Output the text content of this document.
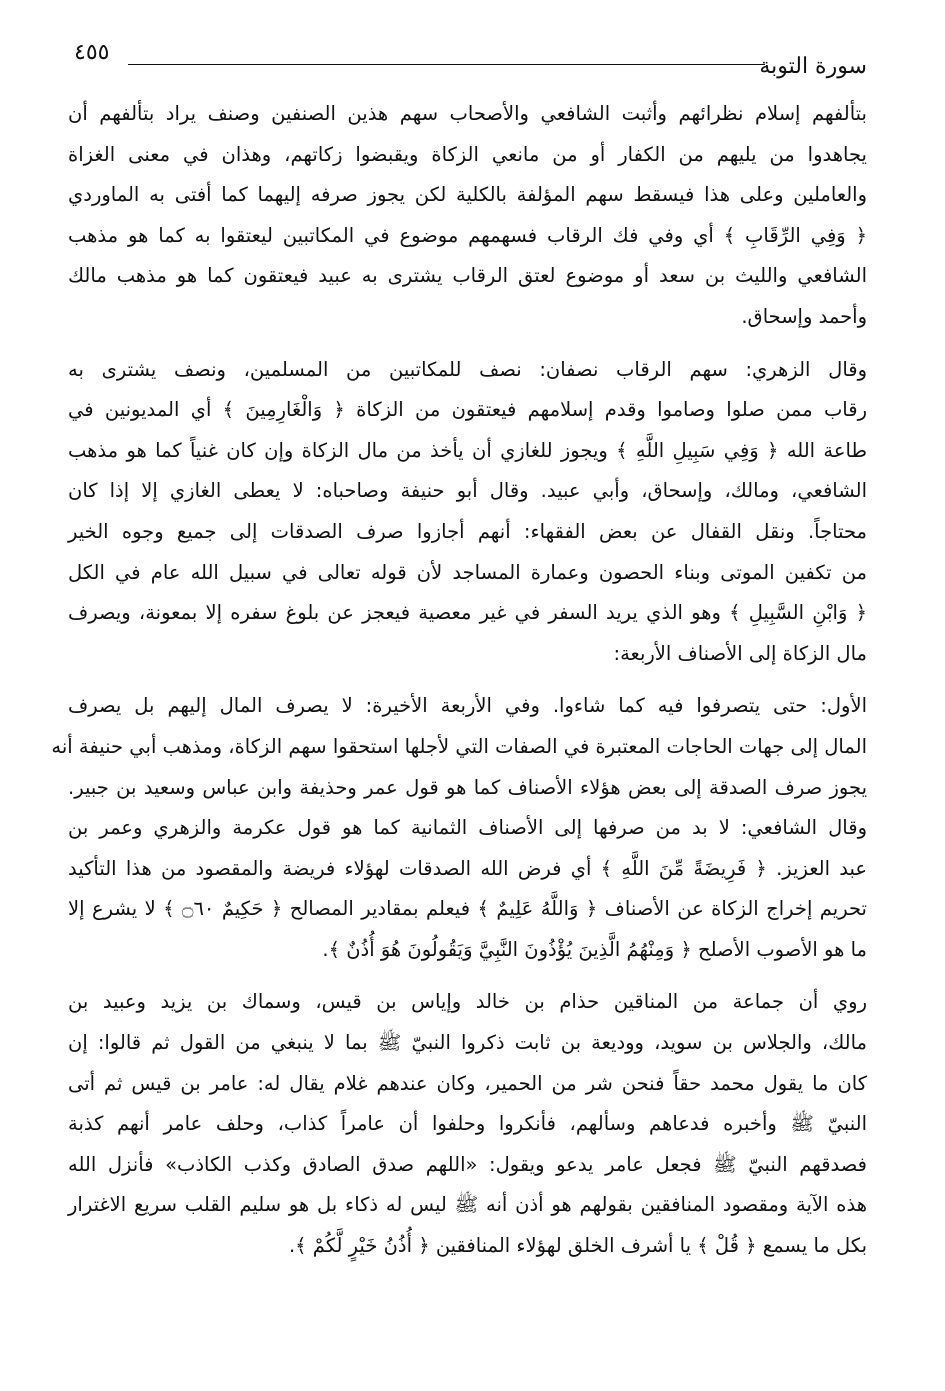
٤٥٥
سورة التوبة
بتألفهم إسلام نظرائهم وأثبت الشافعي والأصحاب سهم هذين الصنفين وصنف يراد بتألفهم أن
يجاهدوا من يليهم من الكفار أو من مانعي الزكاة ويقبضوا زكاتهم، وهذان في معنى الغزاة
والعاملين وعلى هذا فيسقط سهم المؤلفة بالكلية لكن يجوز صرفه إليهما كما أفتى به الماوردي
﴿ وَفِي الرِّقَابِ ﴾ أي وفي فك الرقاب فسهمهم موضوع في المكاتبين ليعتقوا به كما هو مذهب
الشافعي والليث بن سعد أو موضوع لعتق الرقاب يشترى به عبيد فيعتقون كما هو مذهب مالك
وأحمد وإسحاق.
وقال الزهري: سهم الرقاب نصفان: نصف للمكاتبين من المسلمين، ونصف يشترى به
رقاب ممن صلوا وصاموا وقدم إسلامهم فيعتقون من الزكاة ﴿ وَالْغَارِمِينَ ﴾ أي المديونين في
طاعة الله ﴿ وَفِي سَبِيلِ اللَّهِ ﴾ ويجوز للغازي أن يأخذ من مال الزكاة وإن كان غنياً كما هو مذهب
الشافعي، ومالك، وإسحاق، وأبي عبيد. وقال أبو حنيفة وصاحباه: لا يعطى الغازي إلا إذا كان
محتاجاً. ونقل القفال عن بعض الفقهاء: أنهم أجازوا صرف الصدقات إلى جميع وجوه الخير
من تكفين الموتى وبناء الحصون وعمارة المساجد لأن قوله تعالى في سبيل الله عام في الكل
﴿ وَابْنِ السَّبِيلِ ﴾ وهو الذي يريد السفر في غير معصية فيعجز عن بلوغ سفره إلا بمعونة، ويصرف
مال الزكاة إلى الأصناف الأربعة:
الأول: حتى يتصرفوا فيه كما شاءوا. وفي الأربعة الأخيرة: لا يصرف المال إليهم بل يصرف
المال إلى جهات الحاجات المعتبرة في الصفات التي لأجلها استحقوا سهم الزكاة، ومذهب أبي حنيفة أنه
يجوز صرف الصدقة إلى بعض هؤلاء الأصناف كما هو قول عمر وحذيفة وابن عباس وسعيد بن جبير.
وقال الشافعي: لا بد من صرفها إلى الأصناف الثمانية كما هو قول عكرمة والزهري وعمر بن
عبد العزيز. ﴿ فَرِيضَةً مِّنَ اللَّهِ ﴾ أي فرض الله الصدقات لهؤلاء فريضة والمقصود من هذا التأكيد
تحريم إخراج الزكاة عن الأصناف ﴿ وَاللَّهُ عَلِيمٌ ﴾ فيعلم بمقادير المصالح ﴿ حَكِيمٌ ۝٦٠ ﴾ لا يشرع إلا
ما هو الأصوب الأصلح ﴿ وَمِنْهُمُ الَّذِينَ يُؤْذُونَ النَّبِيَّ وَيَقُولُونَ هُوَ أُذُنٌ ﴾.
روي أن جماعة من المناقين حذام بن خالد وإياس بن قيس، وسماك بن يزيد وعبيد بن
مالك، والجلاس بن سويد، ووديعة بن ثابت ذكروا النبيّ ﷺ بما لا ينبغي من القول ثم قالوا: إن
كان ما يقول محمد حقاً فنحن شر من الحمير، وكان عندهم غلام يقال له: عامر بن قيس ثم أتى
النبيّ ﷺ وأخبره فدعاهم وسألهم، فأنكروا وحلفوا أن عامراً كذاب، وحلف عامر أنهم كذبة
فصدقهم النبيّ ﷺ فجعل عامر يدعو ويقول: «اللهم صدق الصادق وكذب الكاذب» فأنزل الله
هذه الآية ومقصود المنافقين بقولهم هو أذن أنه ﷺ ليس له ذكاء بل هو سليم القلب سريع الاغترار
بكل ما يسمع ﴿ قُلْ ﴾ يا أشرف الخلق لهؤلاء المنافقين ﴿ أُذُنُ خَيْرٍ لَّكُمْ ﴾.
